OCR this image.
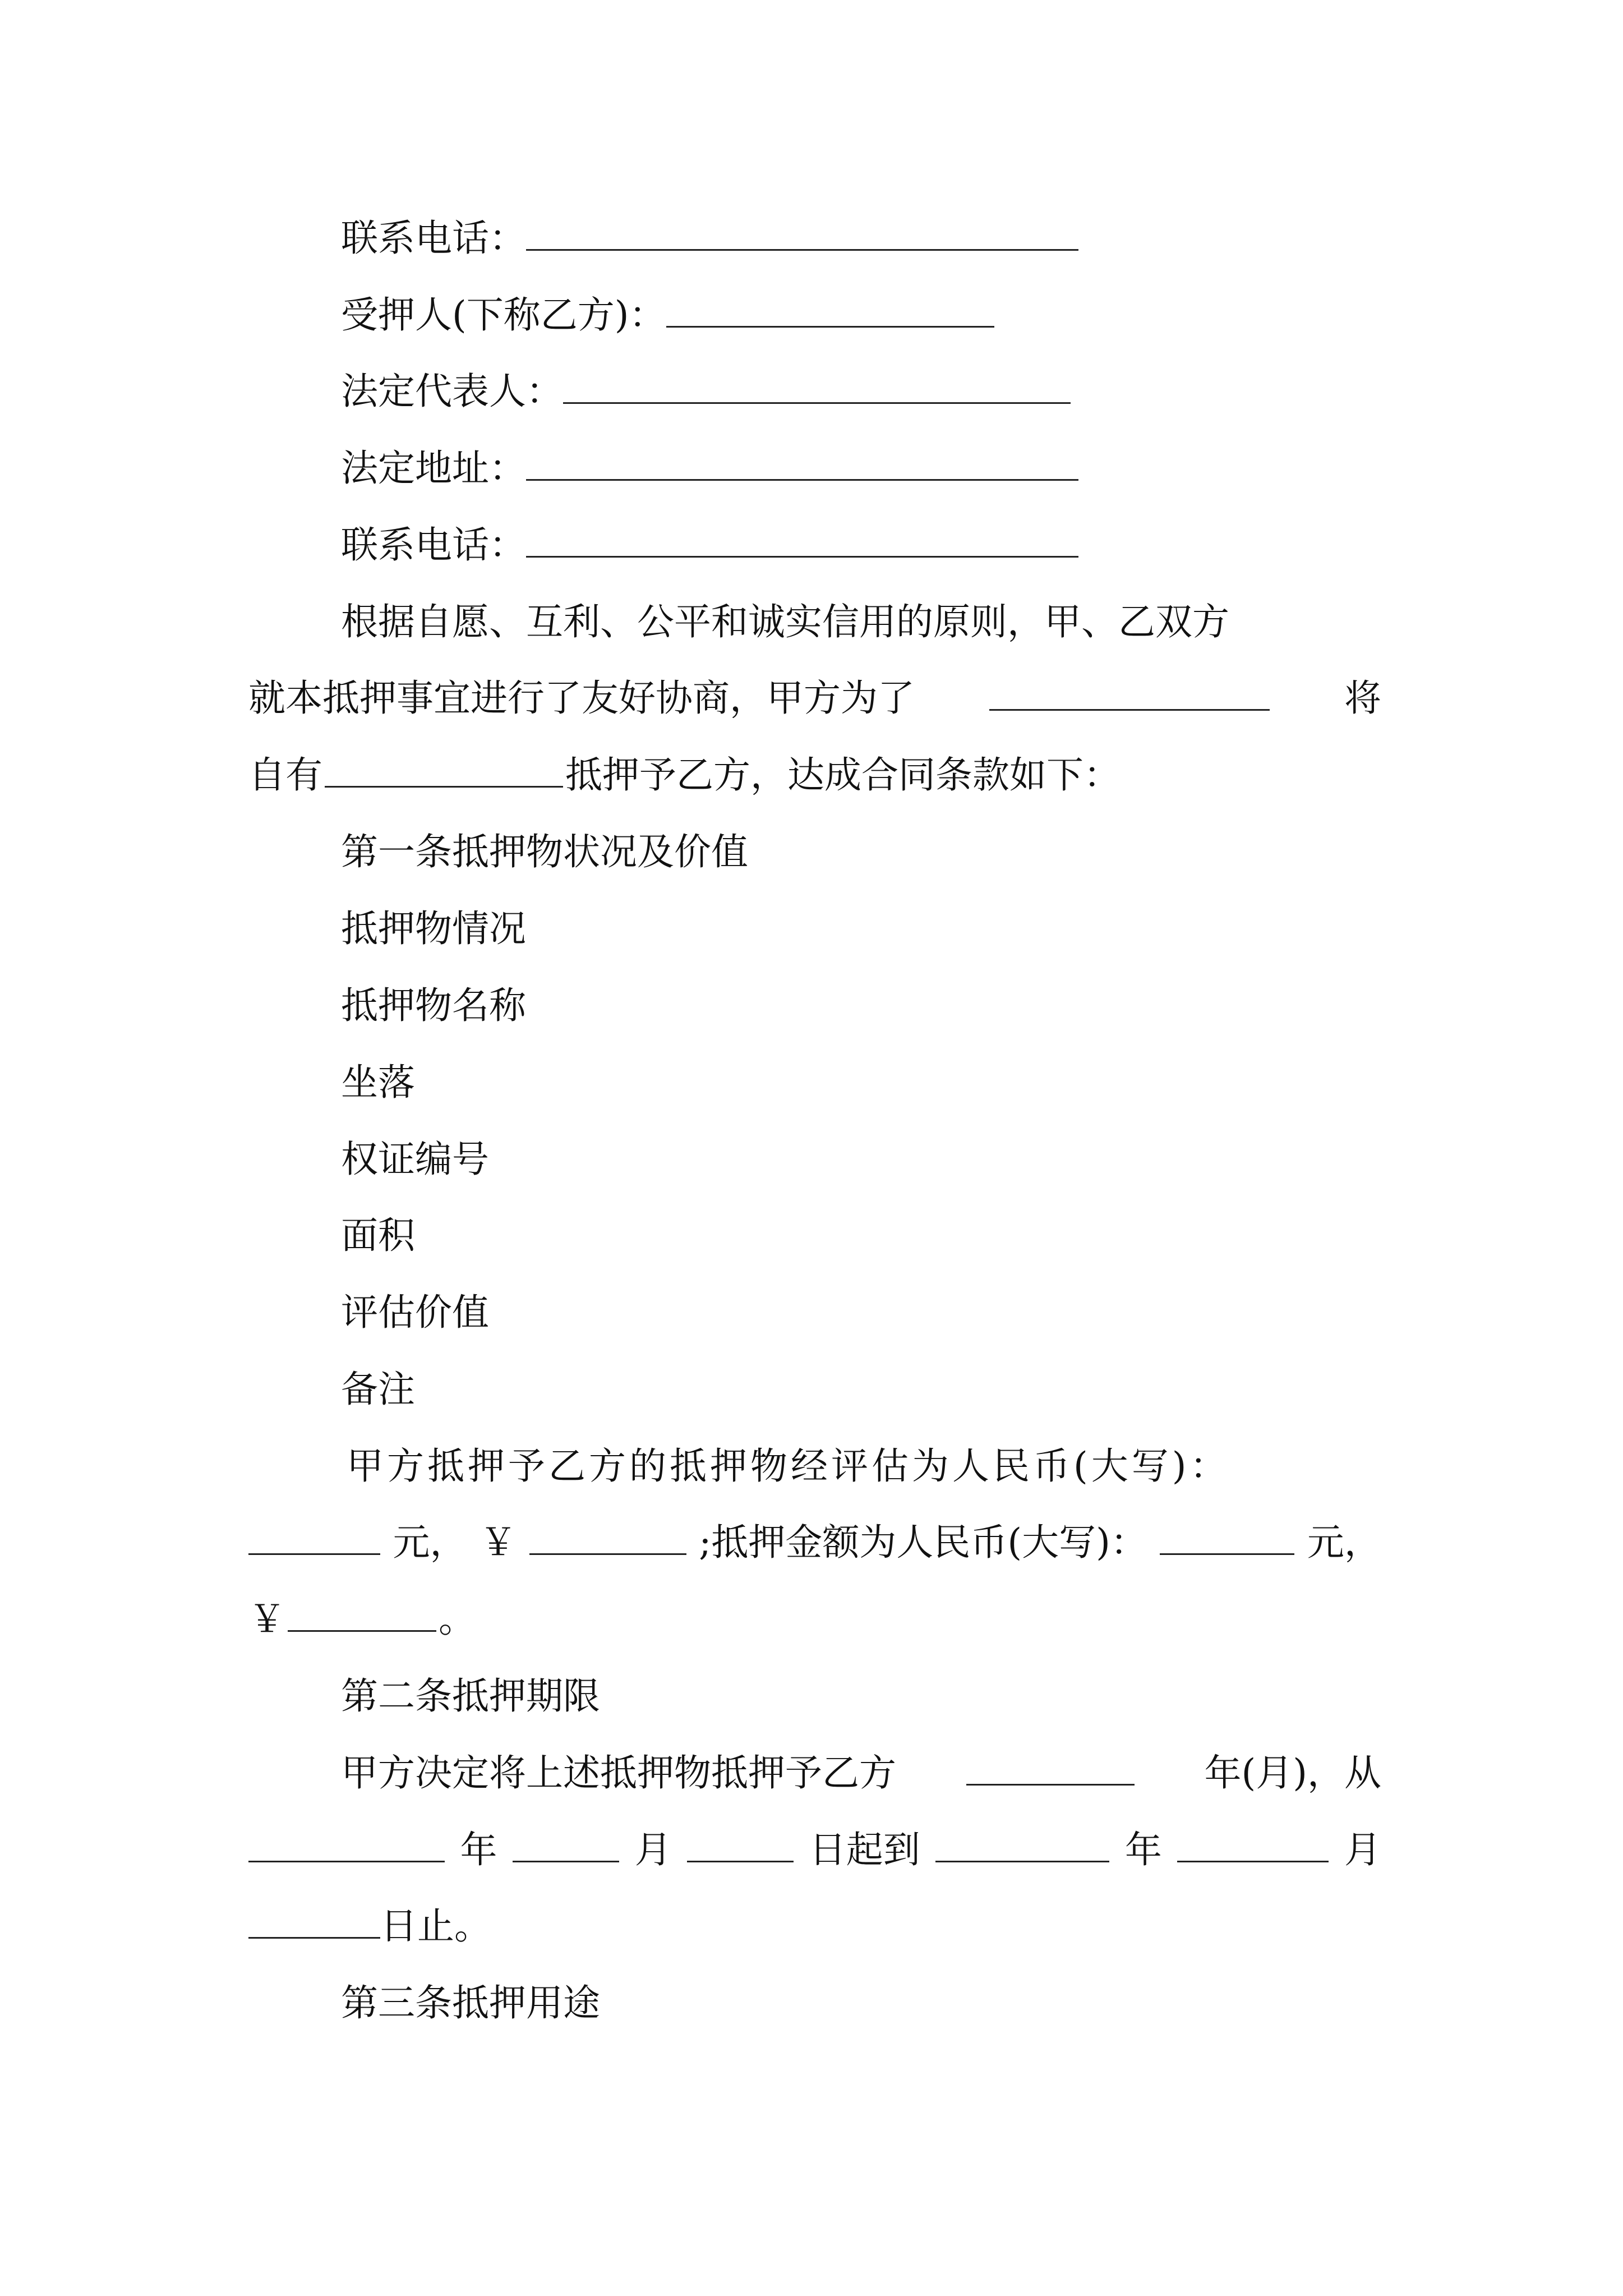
联系电话：
受押人(下称乙方)：
法定代表人：
法定地址：
联系电话：
根据自愿、互利、公平和诚实信用的原则，甲、乙双方
就本抵押事宜进行了友好协商，甲方为了	将
自有	抵押予乙方，达成合同条款如下：
第一条抵押物状况及价值
抵押物情况
抵押物名称
坐落
权证编号
面积
评估价值
备注
甲方抵押予乙方的抵押物经评估为人民币(大写)：
元， ￥	;抵押金额为人民币(大写)：	元，
￥	。
第二条抵押期限
甲方决定将上述抵押物抵押予乙方	年(月)，从
年	月	日起到	年	月
日止。
第三条抵押用途
